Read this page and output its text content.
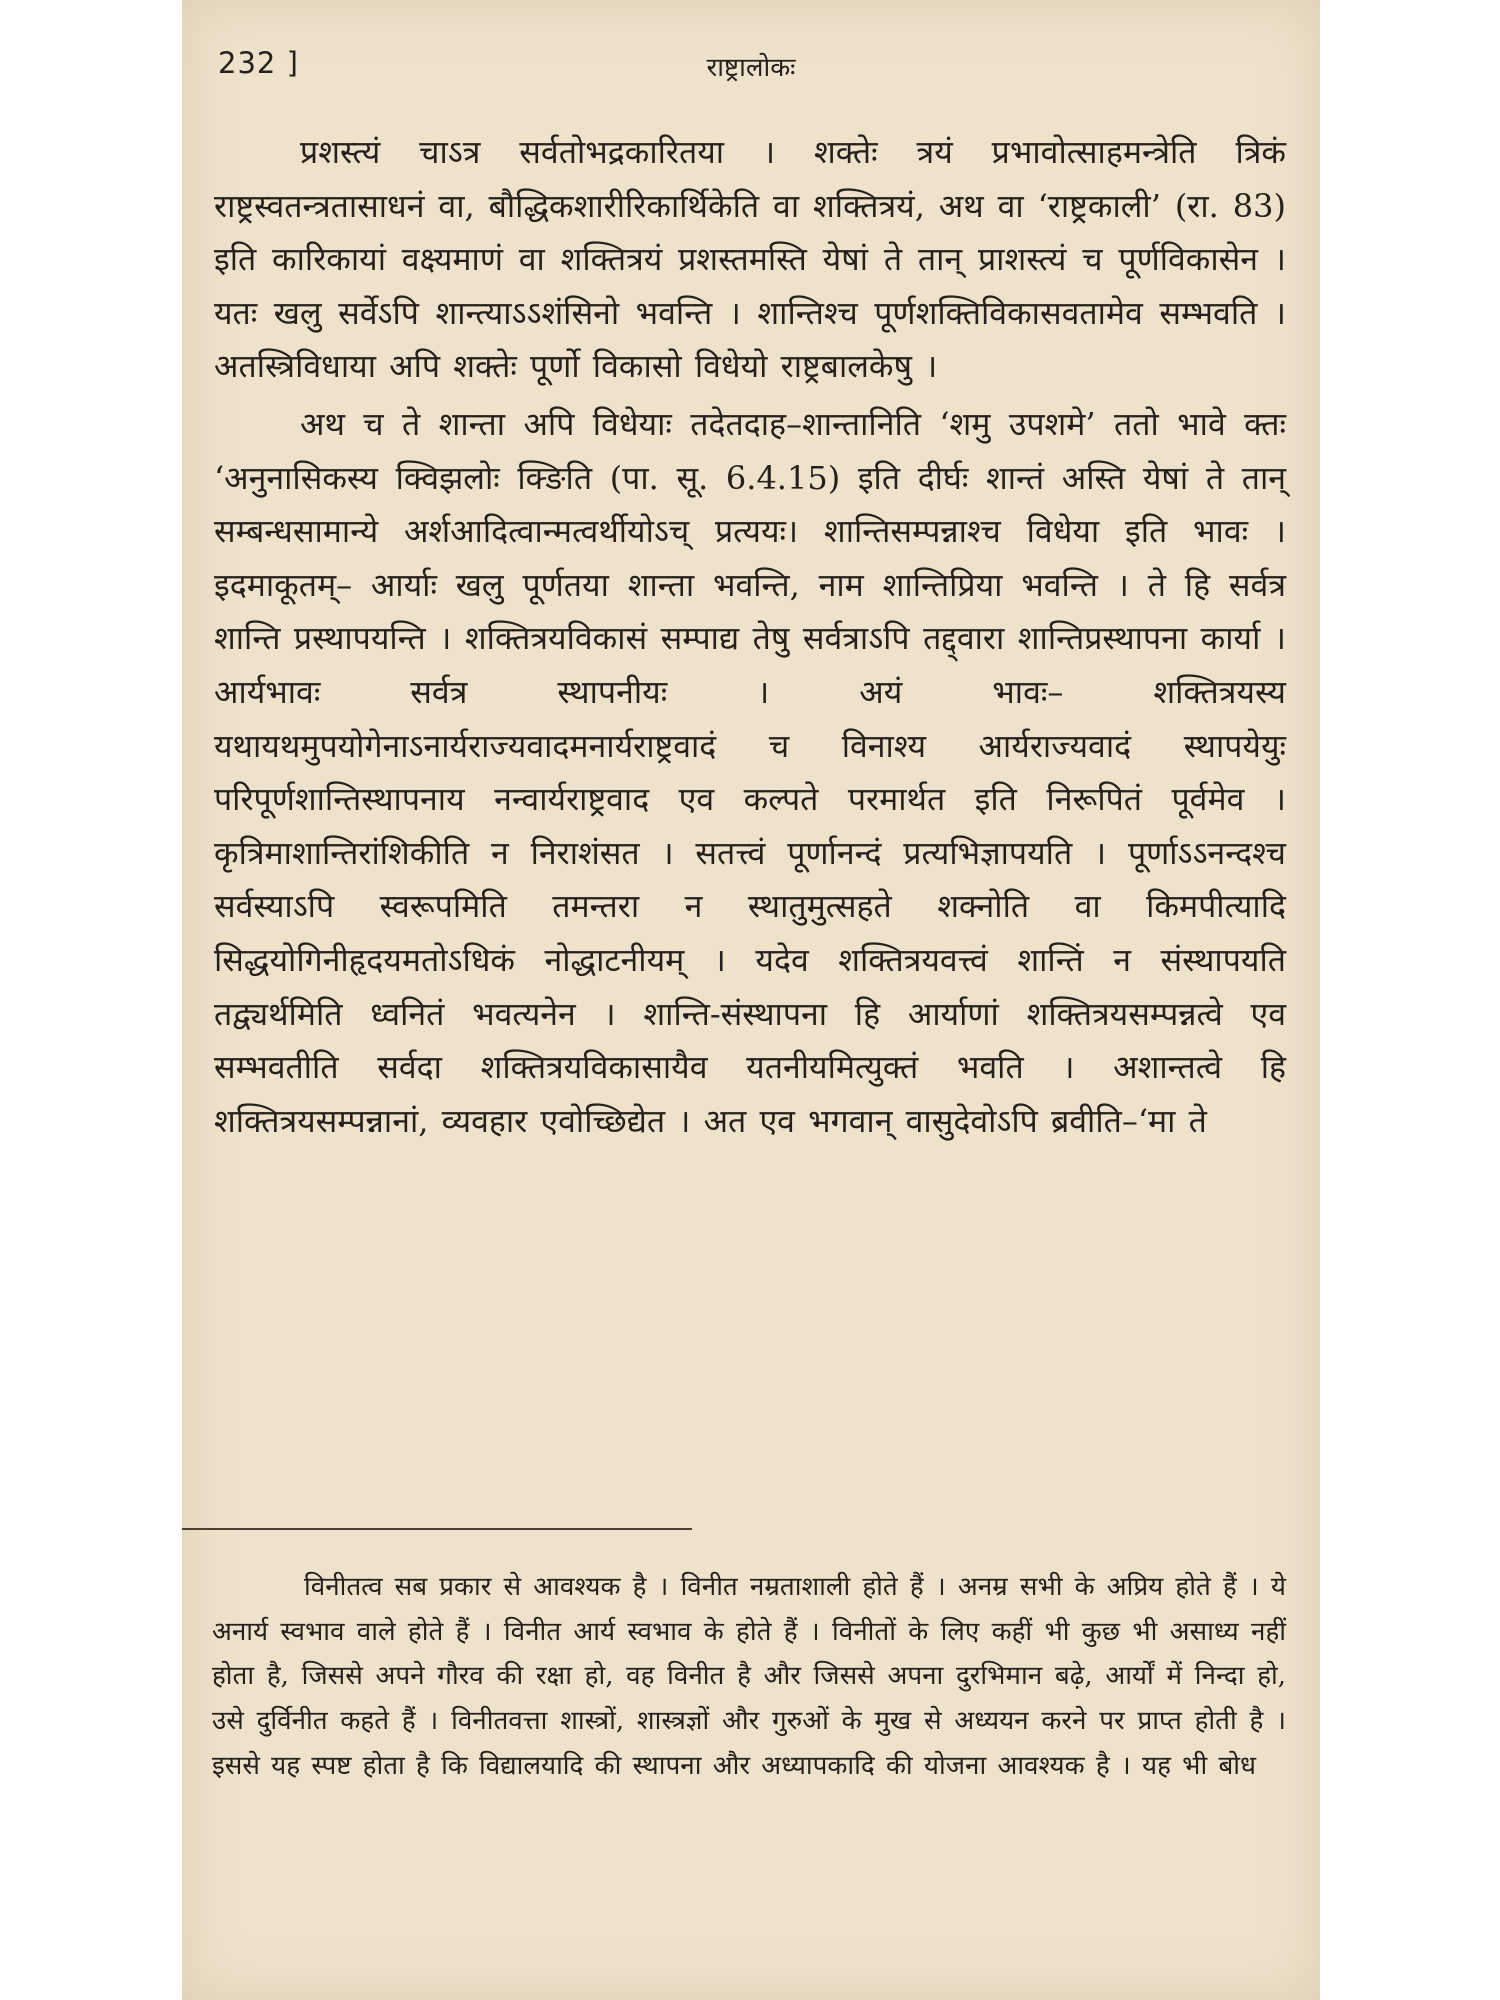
232 ]	राष्ट्रालोकः

प्रशस्त्यं चाऽत्र सर्वतोभद्रकारितया । शक्तेः त्रयं प्रभावोत्साहमन्त्रेति त्रिकं राष्ट्रस्वतन्त्रतासाधनं वा, बौद्धिकशारीरिकार्थिकेति वा शक्तित्रयं, अथ वा ‘राष्ट्रकाली’ (रा. 83) इति कारिकायां वक्ष्यमाणं वा शक्तित्रयं प्रशस्तमस्ति येषां ते तान् प्राशस्त्यं च पूर्णविकासेन । यतः खलु सर्वेऽपि शान्त्याऽऽशंसिनो भवन्ति । शान्तिश्च पूर्णशक्तिविकासवतामेव सम्भवति । अतस्त्रिविधाया अपि शक्तेः पूर्णो विकासो विधेयो राष्ट्रबालकेषु ।

अथ च ते शान्ता अपि विधेयाः तदेतदाह–शान्तानिति ‘शमु उपशमे’ ततो भावे क्तः ‘अनुनासिकस्य क्विझलोः क्ङिति (पा. सू. 6.4.15) इति दीर्घः शान्तं अस्ति येषां ते तान् सम्बन्धसामान्ये अर्शआदित्वान्मत्वर्थीयोऽच् प्रत्ययः। शान्तिसम्पन्नाश्च विधेया इति भावः । इदमाकूतम्– आर्याः खलु पूर्णतया शान्ता भवन्ति, नाम शान्तिप्रिया भवन्ति । ते हि सर्वत्र शान्ति प्रस्थापयन्ति । शक्तित्रयविकासं सम्पाद्य तेषु सर्वत्राऽपि तद्द्वारा शान्तिप्रस्थापना कार्या । आर्यभावः सर्वत्र स्थापनीयः । अयं भावः– शक्तित्रयस्य यथायथमुपयोगेनाऽनार्यराज्यवादमनार्यराष्ट्रवादं च विनाश्य आर्यराज्यवादं स्थापयेयुः परिपूर्णशान्तिस्थापनाय नन्वार्यराष्ट्रवाद एव कल्पते परमार्थत इति निरूपितं पूर्वमेव । कृत्रिमाशान्तिरांशिकीति न निराशंसत । सतत्त्वं पूर्णानन्दं प्रत्यभिज्ञापयति । पूर्णाऽऽनन्दश्च सर्वस्याऽपि स्वरूपमिति तमन्तरा न स्थातुमुत्सहते शक्नोति वा किमपीत्यादि सिद्धयोगिनीहृदयमतोऽधिकं नोद्धाटनीयम् । यदेव शक्तित्रयवत्त्वं शान्तिं न संस्थापयति तद्व्यर्थमिति ध्वनितं भवत्यनेन । शान्ति-संस्थापना हि आर्याणां शक्तित्रयसम्पन्नत्वे एव सम्भवतीति सर्वदा शक्तित्रयविकासायैव यतनीयमित्युक्तं भवति । अशान्तत्वे हि शक्तित्रयसम्पन्नानां, व्यवहार एवोच्छिद्येत । अत एव भगवान् वासुदेवोऽपि ब्रवीति–‘मा ते

विनीतत्व सब प्रकार से आवश्यक है । विनीत नम्रताशाली होते हैं । अनम्र सभी के अप्रिय होते हैं । ये अनार्य स्वभाव वाले होते हैं । विनीत आर्य स्वभाव के होते हैं । विनीतों के लिए कहीं भी कुछ भी असाध्य नहीं होता है, जिससे अपने गौरव की रक्षा हो, वह विनीत है और जिससे अपना दुरभिमान बढ़े, आर्यों में निन्दा हो, उसे दुर्विनीत कहते हैं । विनीतवत्ता शास्त्रों, शास्त्रज्ञों और गुरुओं के मुख से अध्ययन करने पर प्राप्त होती है । इससे यह स्पष्ट होता है कि विद्यालयादि की स्थापना और अध्यापकादि की योजना आवश्यक है । यह भी बोध
